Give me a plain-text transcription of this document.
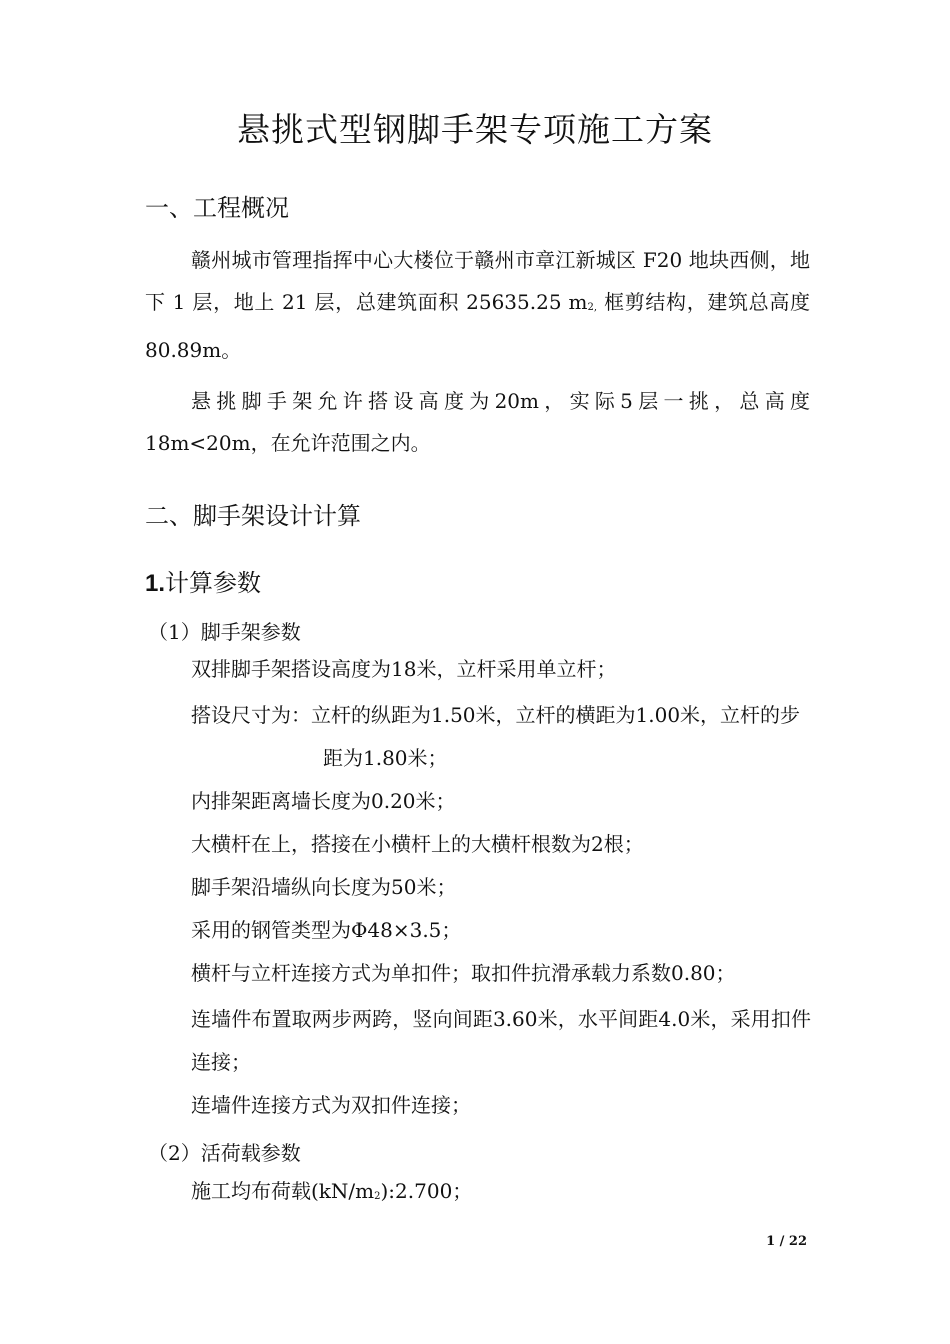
悬挑式型钢脚手架专项施工方案
一、工程概况

赣州城市管理指挥中心大楼位于赣州市章江新城区 F20 地块西侧，地下 1 层，地上 21 层，总建筑面积 25635.25 $m^{2,}$ 框剪结构，建筑总高度 80.89m。

悬挑脚手架允许搭设高度为20m，实际5层一挑，总高度18m<20m，在允许范围之内。

二、脚手架设计计算
1.计算参数
（1）脚手架参数

双排脚手架搭设高度为18米，立杆采用单立杆；

搭设尺寸为：立杆的纵距为1.50米，立杆的横距为1.00米，立杆的步距为1.80米；

内排架距离墙长度为0.20米；

大横杆在上，搭接在小横杆上的大横杆根数为2根；

脚手架沿墙纵向长度为50米；

采用的钢管类型为Φ48×3.5；

横杆与立杆连接方式为单扣件；取扣件抗滑承载力系数0.80；

连墙件布置取两步两跨，竖向间距3.60米，水平间距4.0米，采用扣件连接；

连墙件连接方式为双扣件连接；

（2）活荷载参数

施工均布荷载$(kN/m^2):2.700$；

1 / 22
